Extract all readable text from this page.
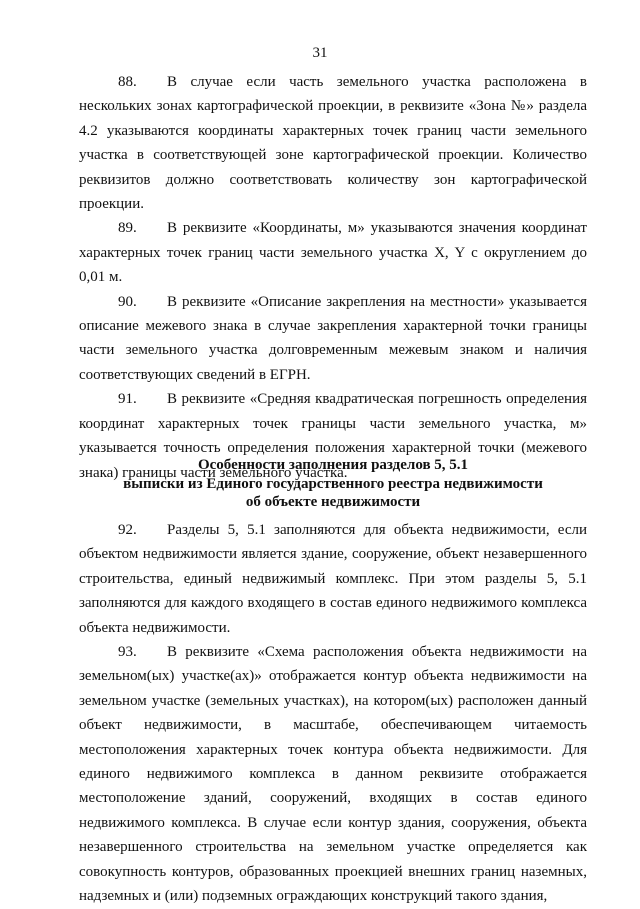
31

88. В случае если часть земельного участка расположена в нескольких зонах картографической проекции, в реквизите «Зона №» раздела 4.2 указываются координаты характерных точек границ части земельного участка в соответствующей зоне картографической проекции. Количество реквизитов должно соответствовать количеству зон картографической проекции.

89. В реквизите «Координаты, м» указываются значения координат характерных точек границ части земельного участка X, Y с округлением до 0,01 м.

90. В реквизите «Описание закрепления на местности» указывается описание межевого знака в случае закрепления характерной точки границы части земельного участка долговременным межевым знаком и наличия соответствующих сведений в ЕГРН.

91. В реквизите «Средняя квадратическая погрешность определения координат характерных точек границы части земельного участка, м» указывается точность определения положения характерной точки (межевого знака) границы части земельного участка.

Особенности заполнения разделов 5, 5.1
выписки из Единого государственного реестра недвижимости
об объекте недвижимости

92. Разделы 5, 5.1 заполняются для объекта недвижимости, если объектом недвижимости является здание, сооружение, объект незавершенного строительства, единый недвижимый комплекс. При этом разделы 5, 5.1 заполняются для каждого входящего в состав единого недвижимого комплекса объекта недвижимости.

93. В реквизите «Схема расположения объекта недвижимости на земельном(ых) участке(ах)» отображается контур объекта недвижимости на земельном участке (земельных участках), на котором(ых) расположен данный объект недвижимости, в масштабе, обеспечивающем читаемость местоположения характерных точек контура объекта недвижимости. Для единого недвижимого комплекса в данном реквизите отображается местоположение зданий, сооружений, входящих в состав единого недвижимого комплекса. В случае если контур здания, сооружения, объекта незавершенного строительства на земельном участке определяется как совокупность контуров, образованных проекцией внешних границ наземных, надземных и (или) подземных ограждающих конструкций такого здания,
